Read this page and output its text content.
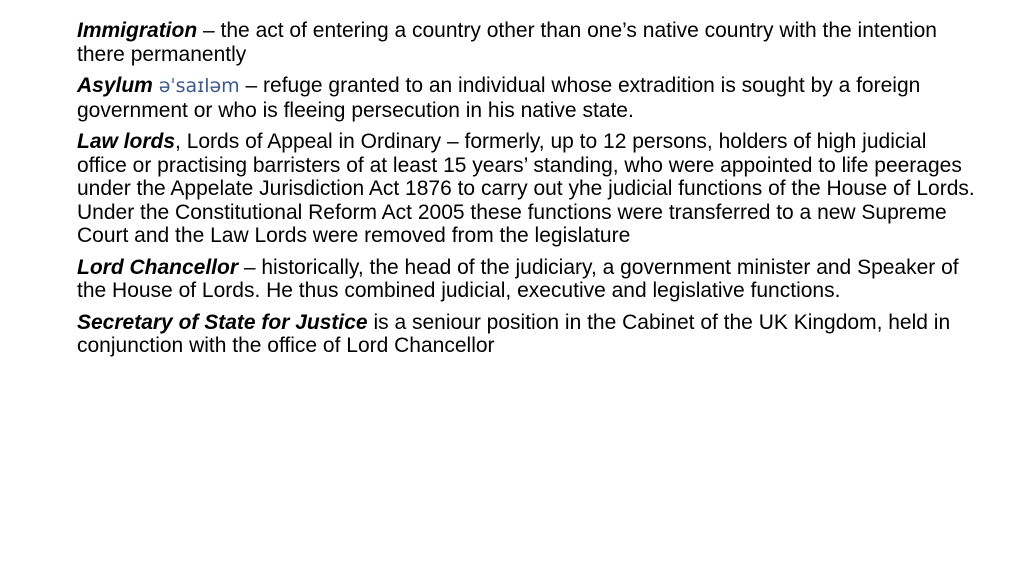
Immigration – the act of entering a country other than one’s native country with the intention there permanently

Asylum əˈsaɪləm – refuge granted to an individual whose extradition is sought by a foreign government or who is fleeing persecution in his native state.

Law lords, Lords of Appeal in Ordinary – formerly, up to 12 persons, holders of high judicial office or practising barristers of at least 15 years’ standing, who were appointed to life peerages under the Appelate Jurisdiction Act 1876 to carry out yhe judicial functions of the House of Lords. Under the Constitutional Reform Act 2005 these functions were transferred to a new Supreme Court and the Law Lords were removed from the legislature

Lord Chancellor – historically, the head of the judiciary, a government minister and Speaker of the House of Lords. He thus combined judicial, executive and legislative functions.

Secretary of State for Justice is a seniour position in the Cabinet of the UK Kingdom, held in conjunction with the office of Lord Chancellor
